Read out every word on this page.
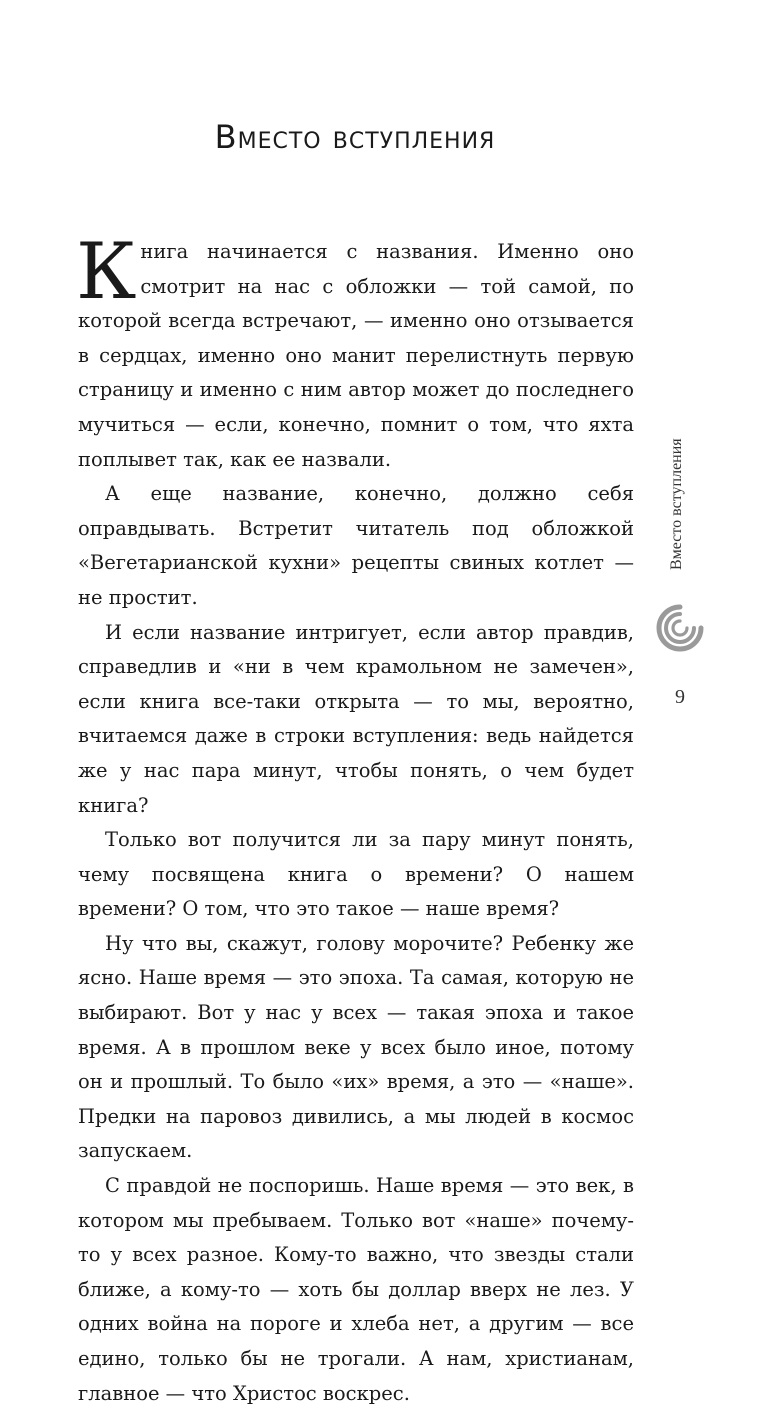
Вместо вступления

Книга начинается с названия. Именно оно смотрит на нас с обложки — той самой, по которой всегда встречают, — именно оно отзывается в сердцах, именно оно манит перелистнуть первую страницу и именно с ним автор может до последнего мучиться — если, конечно, помнит о том, что яхта поплывет так, как ее назвали.

А еще название, конечно, должно себя оправдывать. Встретит читатель под обложкой «Вегетарианской кухни» рецепты свиных котлет — не простит.

И если название интригует, если автор правдив, справедлив и «ни в чем крамольном не замечен», если книга все-таки открыта — то мы, вероятно, вчитаемся даже в строки вступления: ведь найдется же у нас пара минут, чтобы понять, о чем будет книга?

Только вот получится ли за пару минут понять, чему посвящена книга о времени? О нашем времени? О том, что это такое — наше время?

Ну что вы, скажут, голову морочите? Ребенку же ясно. Наше время — это эпоха. Та самая, которую не выбирают. Вот у нас у всех — такая эпоха и такое время. А в прошлом веке у всех было иное, потому он и прошлый. То было «их» время, а это — «наше». Предки на паровоз дивились, а мы людей в космос запускаем.

С правдой не поспоришь. Наше время — это век, в котором мы пребываем. Только вот «наше» почему-то у всех разное. Кому-то важно, что звезды стали ближе, а кому-то — хоть бы доллар вверх не лез. У одних война на пороге и хлеба нет, а другим — все едино, только бы не трогали. А нам, христианам, главное — что Христос воскрес.

Вместо вступления
9
